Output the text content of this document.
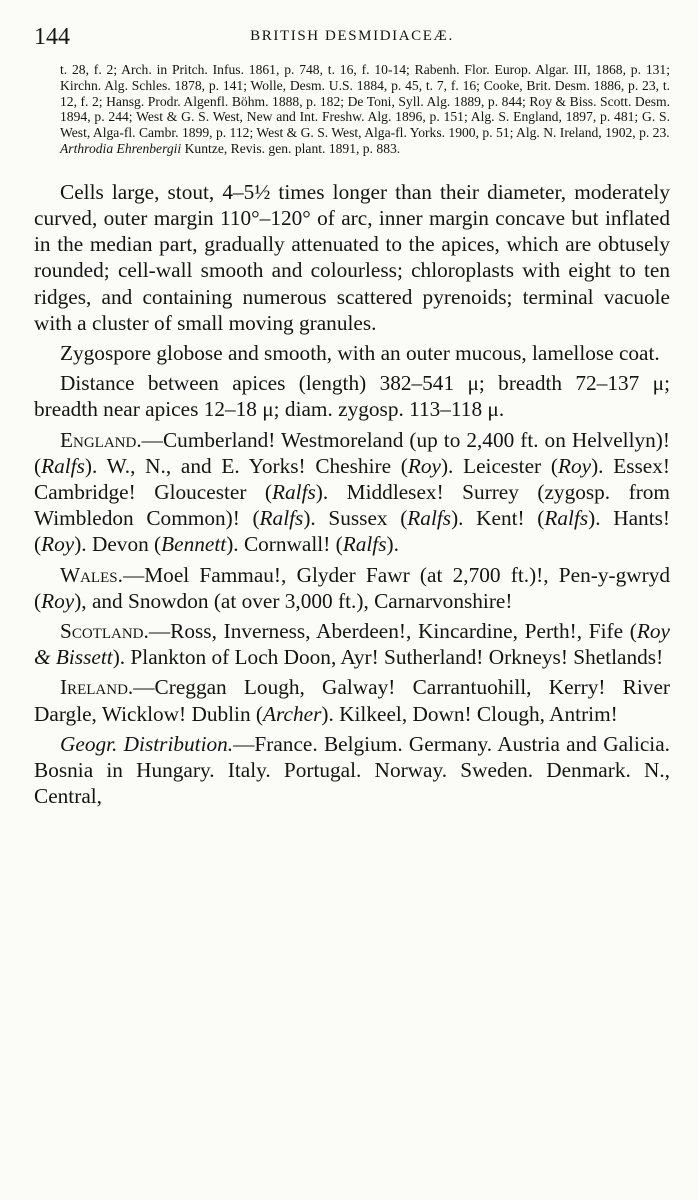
144	BRITISH DESMIDIACEÆ.

t. 28, f. 2; Arch. in Pritch. Infus. 1861, p. 748, t. 16, f. 10-14; Rabenh. Flor. Europ. Algar. III, 1868, p. 131; Kirchn. Alg. Schles. 1878, p. 141; Wolle, Desm. U.S. 1884, p. 45, t. 7, f. 16; Cooke, Brit. Desm. 1886, p. 23, t. 12, f. 2; Hansg. Prodr. Algenfl. Böhm. 1888, p. 182; De Toni, Syll. Alg. 1889, p. 844; Roy & Biss. Scott. Desm. 1894, p. 244; West & G. S. West, New and Int. Freshw. Alg. 1896, p. 151; Alg. S. England, 1897, p. 481; G. S. West, Alga-fl. Cambr. 1899, p. 112; West & G. S. West, Alga-fl. Yorks. 1900, p. 51; Alg. N. Ireland, 1902, p. 23.

Arthrodia Ehrenbergii Kuntze, Revis. gen. plant. 1891, p. 883.

Cells large, stout, 4–5½ times longer than their diameter, moderately curved, outer margin 110°–120° of arc, inner margin concave but inflated in the median part, gradually attenuated to the apices, which are obtusely rounded; cell-wall smooth and colourless; chloroplasts with eight to ten ridges, and containing numerous scattered pyrenoids; terminal vacuole with a cluster of small moving granules.

Zygospore globose and smooth, with an outer mucous, lamellose coat.

Distance between apices (length) 382–541 μ; breadth 72–137 μ; breadth near apices 12–18 μ; diam. zygosp. 113–118 μ.

England.—Cumberland! Westmoreland (up to 2,400 ft. on Helvellyn)! (Ralfs). W., N., and E. Yorks! Cheshire (Roy). Leicester (Roy). Essex! Cambridge! Gloucester (Ralfs). Middlesex! Surrey (zygosp. from Wimbledon Common)! (Ralfs). Sussex (Ralfs). Kent! (Ralfs). Hants! (Roy). Devon (Bennett). Cornwall! (Ralfs).

Wales.—Moel Fammau!, Glyder Fawr (at 2,700 ft.)!, Pen-y-gwryd (Roy), and Snowdon (at over 3,000 ft.), Carnarvonshire!

Scotland.—Ross, Inverness, Aberdeen!, Kincardine, Perth!, Fife (Roy & Bissett). Plankton of Loch Doon, Ayr! Sutherland! Orkneys! Shetlands!

Ireland.—Creggan Lough, Galway! Carrantuohill, Kerry! River Dargle, Wicklow! Dublin (Archer). Kilkeel, Down! Clough, Antrim!

Geogr. Distribution.—France. Belgium. Germany. Austria and Galicia. Bosnia in Hungary. Italy. Portugal. Norway. Sweden. Denmark. N., Central,
